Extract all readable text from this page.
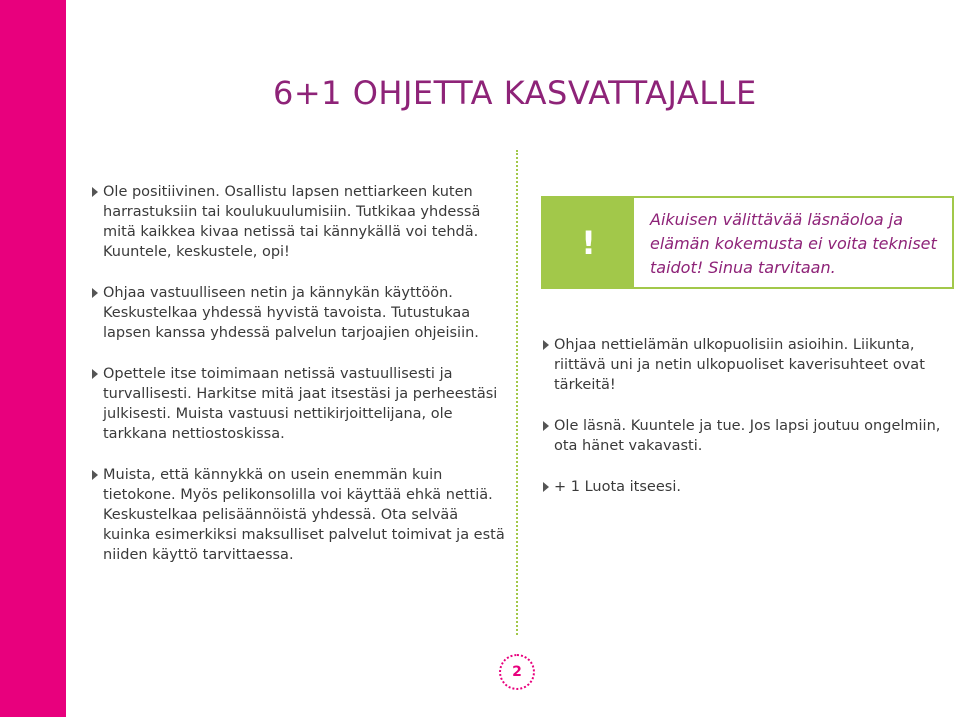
6+1 OHJETTA KASVATTAJALLE
Ole positiivinen. Osallistu lapsen nettiarkeen kuten harrastuksiin tai koulukuulumisiin. Tutkikaa yhdessä mitä kaikkea kivaa netissä tai kännykällä voi tehdä. Kuuntele, keskustele, opi!
Ohjaa vastuulliseen netin ja kännykän käyttöön. Keskustelkaa yhdessä hyvistä tavoista. Tutustukaa lapsen kanssa yhdessä palvelun tarjoajien ohjeisiin.
Opettele itse toimimaan netissä vastuullisesti ja turvallisesti. Harkitse mitä jaat itsestäsi ja perheestäsi julkisesti. Muista vastuusi nettikirjoittelijana, ole tarkkana nettiostoskissa.
Muista, että kännykkä on usein enemmän kuin tietokone. Myös pelikonsolilla voi käyttää ehkä nettiä. Keskustelkaa pelisäännöistä yhdessä. Ota selvää kuinka esimerkiksi maksulliset palvelut toimivat ja estä niiden käyttö tarvittaessa.
!
Aikuisen välittävää läsnäoloa ja elämän kokemusta ei voita tekniset taidot! Sinua tarvitaan.
Ohjaa nettielämän ulkopuolisiin asioihin. Liikunta, riittävä uni ja netin ulkopuoliset kaverisuhteet ovat tärkeitä!
Ole läsnä. Kuuntele ja tue. Jos lapsi joutuu ongelmiin, ota hänet vakavasti.
+ 1 Luota itseesi.
2
